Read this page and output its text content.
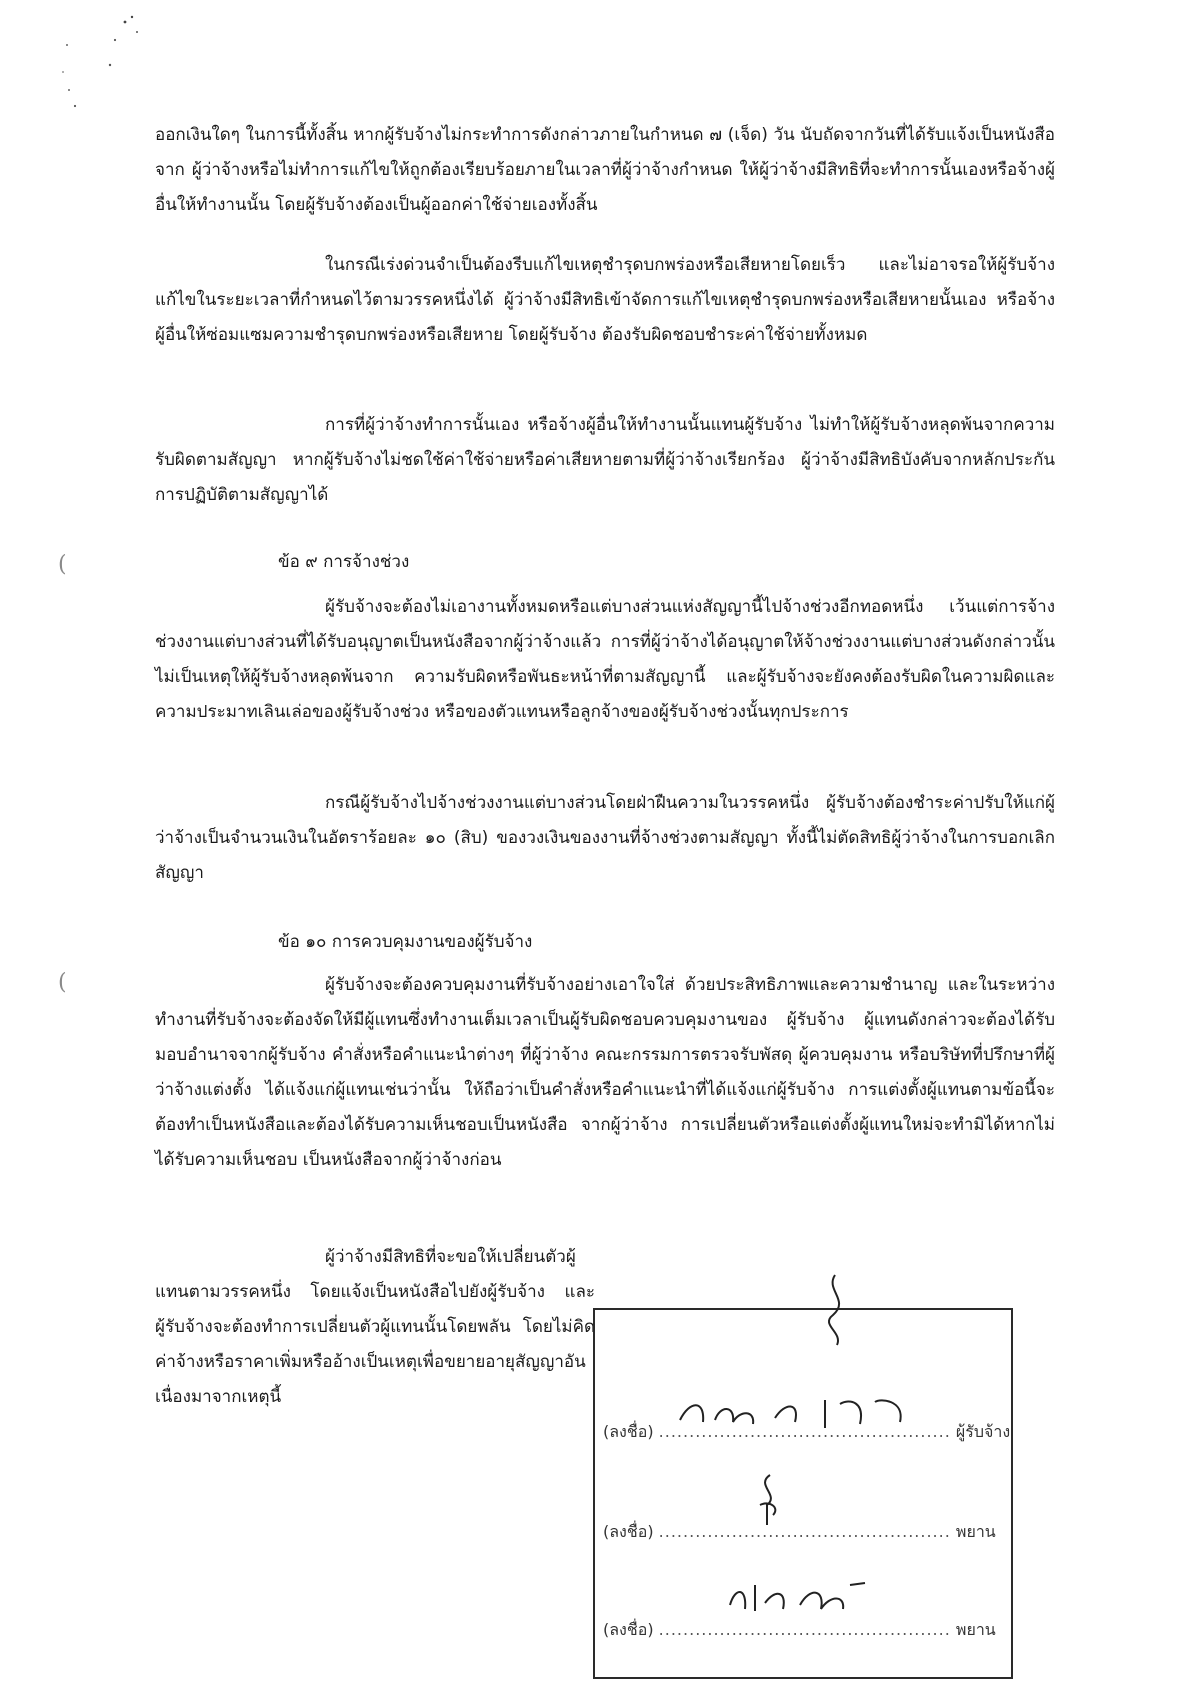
(
(

ออกเงินใดๆ ในการนี้ทั้งสิ้น หากผู้รับจ้างไม่กระทำการดังกล่าวภายในกำหนด ๗ (เจ็ด) วัน นับถัดจากวันที่ได้รับแจ้งเป็นหนังสือจาก ผู้ว่าจ้างหรือไม่ทำการแก้ไขให้ถูกต้องเรียบร้อยภายในเวลาที่ผู้ว่าจ้างกำหนด ให้ผู้ว่าจ้างมีสิทธิที่จะทำการนั้นเองหรือจ้างผู้อื่นให้ทำงานนั้น โดยผู้รับจ้างต้องเป็นผู้ออกค่าใช้จ่ายเองทั้งสิ้น

ในกรณีเร่งด่วนจำเป็นต้องรีบแก้ไขเหตุชำรุดบกพร่องหรือเสียหายโดยเร็ว และไม่อาจรอให้ผู้รับจ้างแก้ไขในระยะเวลาที่กำหนดไว้ตามวรรคหนึ่งได้ ผู้ว่าจ้างมีสิทธิเข้าจัดการแก้ไขเหตุชำรุดบกพร่องหรือเสียหายนั้นเอง หรือจ้างผู้อื่นให้ซ่อมแซมความชำรุดบกพร่องหรือเสียหาย โดยผู้รับจ้าง ต้องรับผิดชอบชำระค่าใช้จ่ายทั้งหมด

การที่ผู้ว่าจ้างทำการนั้นเอง หรือจ้างผู้อื่นให้ทำงานนั้นแทนผู้รับจ้าง ไม่ทำให้ผู้รับจ้างหลุดพ้นจากความรับผิดตามสัญญา หากผู้รับจ้างไม่ชดใช้ค่าใช้จ่ายหรือค่าเสียหายตามที่ผู้ว่าจ้างเรียกร้อง ผู้ว่าจ้างมีสิทธิบังคับจากหลักประกันการปฏิบัติตามสัญญาได้

ข้อ ๙ การจ้างช่วง

ผู้รับจ้างจะต้องไม่เอางานทั้งหมดหรือแต่บางส่วนแห่งสัญญานี้ไปจ้างช่วงอีกทอดหนึ่ง เว้นแต่การจ้างช่วงงานแต่บางส่วนที่ได้รับอนุญาตเป็นหนังสือจากผู้ว่าจ้างแล้ว การที่ผู้ว่าจ้างได้อนุญาตให้จ้างช่วงงานแต่บางส่วนดังกล่าวนั้น ไม่เป็นเหตุให้ผู้รับจ้างหลุดพ้นจาก ความรับผิดหรือพันธะหน้าที่ตามสัญญานี้ และผู้รับจ้างจะยังคงต้องรับผิดในความผิดและความประมาทเลินเล่อของผู้รับจ้างช่วง หรือของตัวแทนหรือลูกจ้างของผู้รับจ้างช่วงนั้นทุกประการ

กรณีผู้รับจ้างไปจ้างช่วงงานแต่บางส่วนโดยฝ่าฝืนความในวรรคหนึ่ง ผู้รับจ้างต้องชำระค่าปรับให้แก่ผู้ว่าจ้างเป็นจำนวนเงินในอัตราร้อยละ ๑๐ (สิบ) ของวงเงินของงานที่จ้างช่วงตามสัญญา ทั้งนี้ไม่ตัดสิทธิผู้ว่าจ้างในการบอกเลิกสัญญา

ข้อ ๑๐ การควบคุมงานของผู้รับจ้าง

ผู้รับจ้างจะต้องควบคุมงานที่รับจ้างอย่างเอาใจใส่ ด้วยประสิทธิภาพและความชำนาญ และในระหว่างทำงานที่รับจ้างจะต้องจัดให้มีผู้แทนซึ่งทำงานเต็มเวลาเป็นผู้รับผิดชอบควบคุมงานของ ผู้รับจ้าง ผู้แทนดังกล่าวจะต้องได้รับมอบอำนาจจากผู้รับจ้าง คำสั่งหรือคำแนะนำต่างๆ ที่ผู้ว่าจ้าง คณะกรรมการตรวจรับพัสดุ ผู้ควบคุมงาน หรือบริษัทที่ปรึกษาที่ผู้ว่าจ้างแต่งตั้ง ได้แจ้งแก่ผู้แทนเช่นว่านั้น ให้ถือว่าเป็นคำสั่งหรือคำแนะนำที่ได้แจ้งแก่ผู้รับจ้าง การแต่งตั้งผู้แทนตามข้อนี้จะต้องทำเป็นหนังสือและต้องได้รับความเห็นชอบเป็นหนังสือ จากผู้ว่าจ้าง การเปลี่ยนตัวหรือแต่งตั้งผู้แทนใหม่จะทำมิได้หากไม่ได้รับความเห็นชอบ เป็นหนังสือจากผู้ว่าจ้างก่อน

ผู้ว่าจ้างมีสิทธิที่จะขอให้เปลี่ยนตัวผู้แทนตามวรรคหนึ่ง โดยแจ้งเป็นหนังสือไปยังผู้รับจ้าง และผู้รับจ้างจะต้องทำการเปลี่ยนตัวผู้แทนนั้นโดยพลัน โดยไม่คิดค่าจ้างหรือราคาเพิ่มหรืออ้างเป็นเหตุเพื่อขยายอายุสัญญาอันเนื่องมาจากเหตุนี้

(ลงชื่อ) ................................................ ผู้รับจ้าง
(ลงชื่อ) ................................................ พยาน
(ลงชื่อ) ................................................ พยาน
